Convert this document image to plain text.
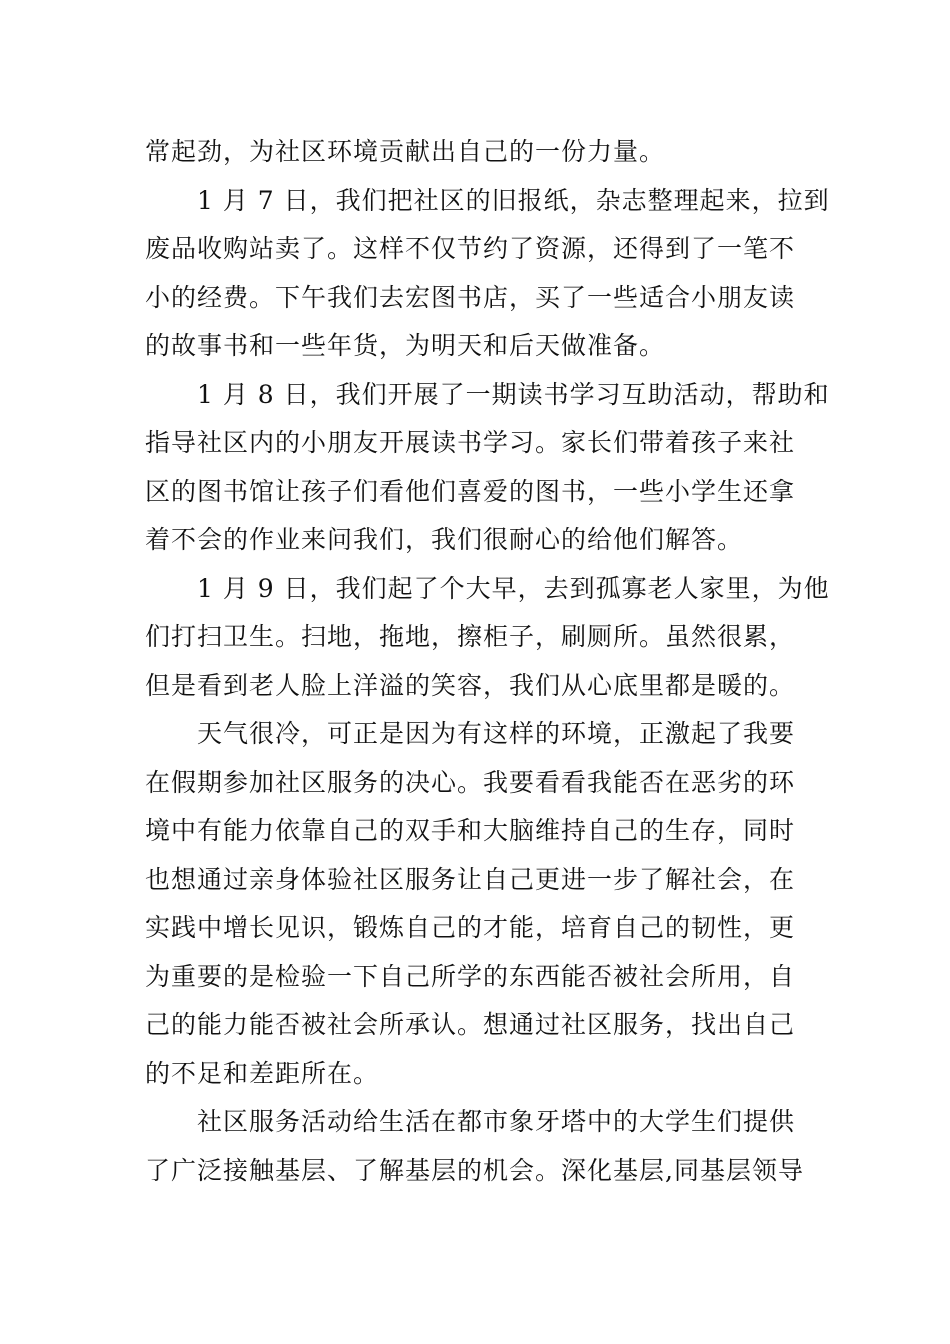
常起劲，为社区环境贡献出自己的一份力量。
1 月 7 日，我们把社区的旧报纸，杂志整理起来，拉到
废品收购站卖了。这样不仅节约了资源，还得到了一笔不
小的经费。下午我们去宏图书店，买了一些适合小朋友读
的故事书和一些年货，为明天和后天做准备。
1 月 8 日，我们开展了一期读书学习互助活动，帮助和
指导社区内的小朋友开展读书学习。家长们带着孩子来社
区的图书馆让孩子们看他们喜爱的图书，一些小学生还拿
着不会的作业来问我们，我们很耐心的给他们解答。
1 月 9 日，我们起了个大早，去到孤寡老人家里，为他
们打扫卫生。扫地，拖地，擦柜子，刷厕所。虽然很累，
但是看到老人脸上洋溢的笑容，我们从心底里都是暖的。
天气很冷，可正是因为有这样的环境，正激起了我要
在假期参加社区服务的决心。我要看看我能否在恶劣的环
境中有能力依靠自己的双手和大脑维持自己的生存，同时
也想通过亲身体验社区服务让自己更进一步了解社会，在
实践中增长见识，锻炼自己的才能，培育自己的韧性，更
为重要的是检验一下自己所学的东西能否被社会所用，自
己的能力能否被社会所承认。想通过社区服务，找出自己
的不足和差距所在。
社区服务活动给生活在都市象牙塔中的大学生们提供
了广泛接触基层、了解基层的机会。深化基层,同基层领导
